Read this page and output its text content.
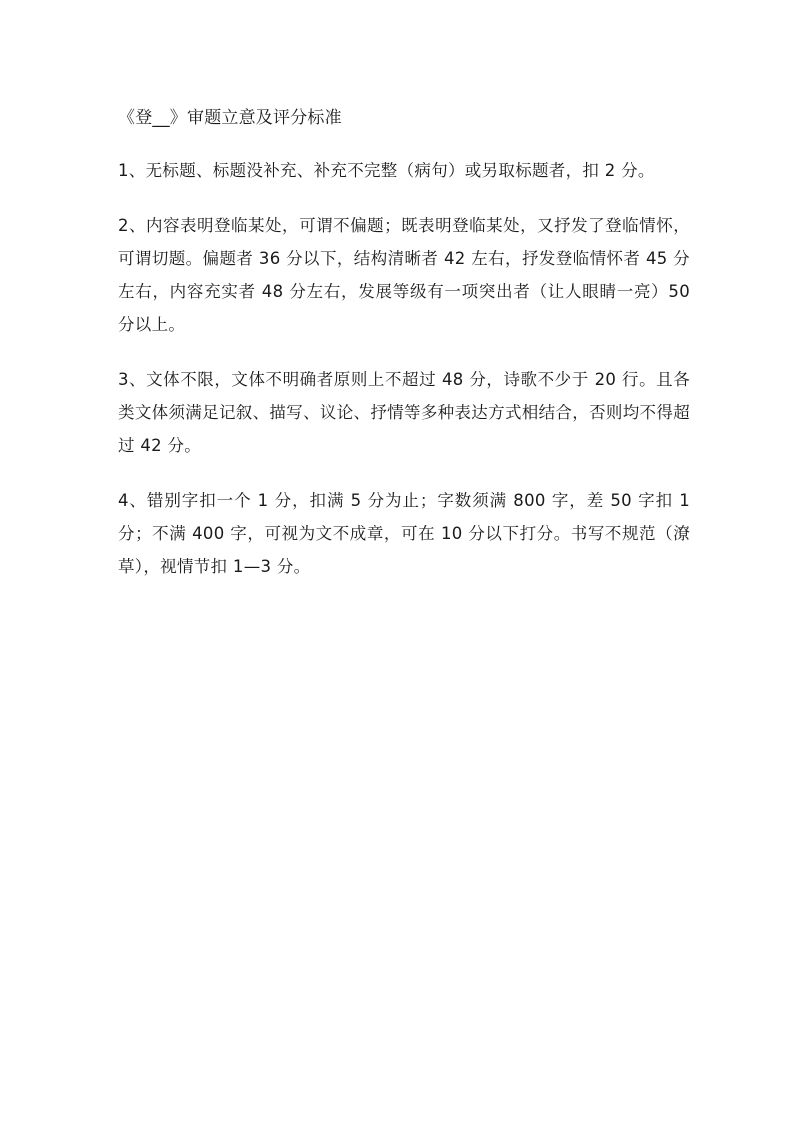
《登__》审题立意及评分标准

1、无标题、标题没补充、补充不完整（病句）或另取标题者，扣 2 分。

2、内容表明登临某处，可谓不偏题；既表明登临某处，又抒发了登临情怀，可谓切题。偏题者 36 分以下，结构清晰者 42 左右，抒发登临情怀者 45 分左右，内容充实者 48 分左右，发展等级有一项突出者（让人眼睛一亮）50 分以上。

3、文体不限，文体不明确者原则上不超过 48 分，诗歌不少于 20 行。且各类文体须满足记叙、描写、议论、抒情等多种表达方式相结合，否则均不得超过 42 分。

4、错别字扣一个 1 分，扣满 5 分为止；字数须满 800 字，差 50 字扣 1 分；不满 400 字，可视为文不成章，可在 10 分以下打分。书写不规范（潦草），视情节扣 1—3 分。
